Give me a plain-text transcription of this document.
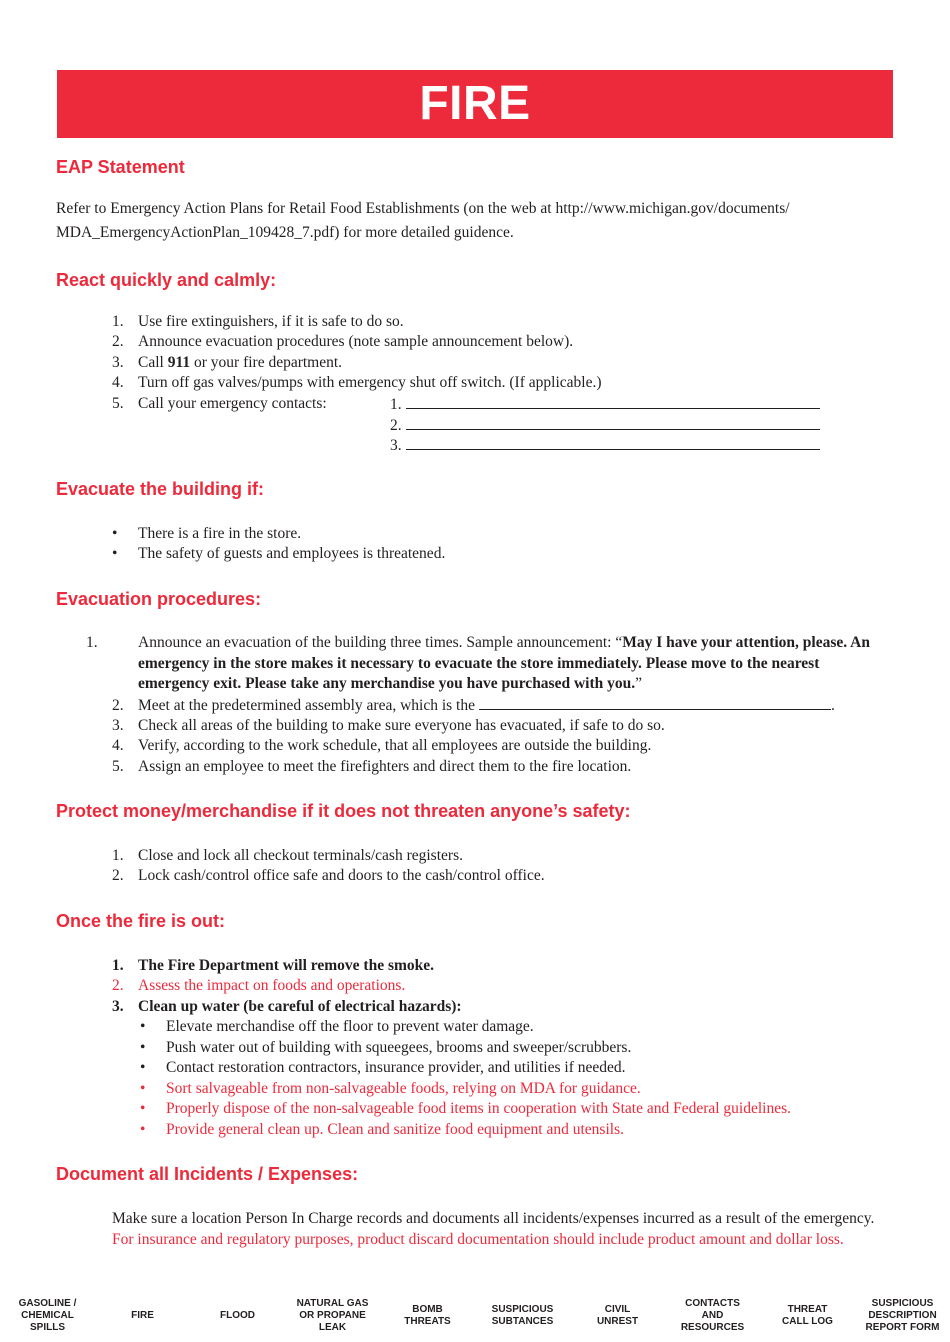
FIRE
EAP Statement
Refer to Emergency Action Plans for Retail Food Establishments (on the web at http://www.michigan.gov/documents/
MDA_EmergencyActionPlan_109428_7.pdf) for more detailed guidence.
React quickly and calmly:
1. Use fire extinguishers, if it is safe to do so.
2. Announce evacuation procedures (note sample announcement below).
3. Call 911 or your fire department.
4. Turn off gas valves/pumps with emergency shut off switch. (If applicable.)
5. Call your emergency contacts:	1.
2.
3.
Evacuate the building if:
• There is a fire in the store.
• The safety of guests and employees is threatened.
Evacuation procedures:
1.	Announce an evacuation of the building three times. Sample announcement: “May I have your attention, please. An emergency in the store makes it necessary to evacuate the store immediately. Please move to the nearest emergency exit. Please take any merchandise you have purchased with you.”
2. Meet at the predetermined assembly area, which is the	.
3. Check all areas of the building to make sure everyone has evacuated, if safe to do so.
4. Verify, according to the work schedule, that all employees are outside the building.
5. Assign an employee to meet the firefighters and direct them to the fire location.
Protect money/merchandise if it does not threaten anyone’s safety:
1. Close and lock all checkout terminals/cash registers.
2. Lock cash/control office safe and doors to the cash/control office.
Once the fire is out:
1. The Fire Department will remove the smoke.
2. Assess the impact on foods and operations.
3. Clean up water (be careful of electrical hazards):
• Elevate merchandise off the floor to prevent water damage.
• Push water out of building with squeegees, brooms and sweeper/scrubbers.
• Contact restoration contractors, insurance provider, and utilities if needed.
• Sort salvageable from non-salvageable foods, relying on MDA for guidance.
• Properly dispose of the non-salvageable food items in cooperation with State and Federal guidelines.
• Provide general clean up. Clean and sanitize food equipment and utensils.
Document all Incidents / Expenses:
Make sure a location Person In Charge records and documents all incidents/expenses incurred as a result of the emergency. For insurance and regulatory purposes, product discard documentation should include product amount and dollar loss.
GASOLINE /
CHEMICAL
SPILLS
FIRE	FLOOD
NATURAL GAS
OR PROPANE
LEAK
BOMB
THREATS
SUSPICIOUS
SUBTANCES
CIVIL
UNREST
CONTACTS
AND
RESOURCES
THREAT
CALL LOG
SUSPICIOUS
DESCRIPTION
REPORT FORM
